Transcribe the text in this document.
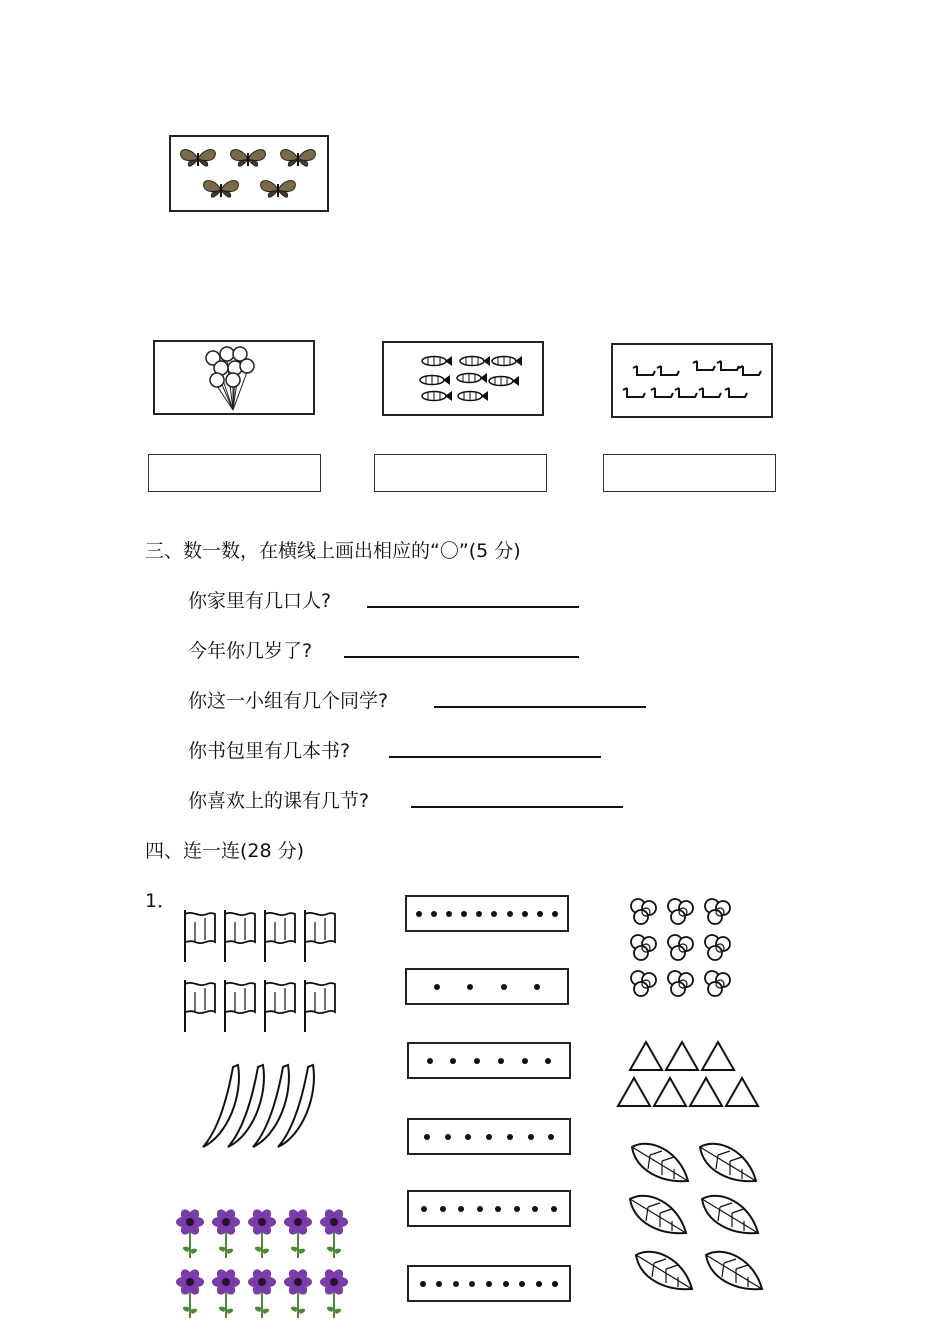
三、数一数，在横线上画出相应的“〇”(5 分)
你家里有几口人?
今年你几岁了?
你这一小组有几个同学?
你书包里有几本书?
你喜欢上的课有几节?
四、连一连(28 分)
1．
